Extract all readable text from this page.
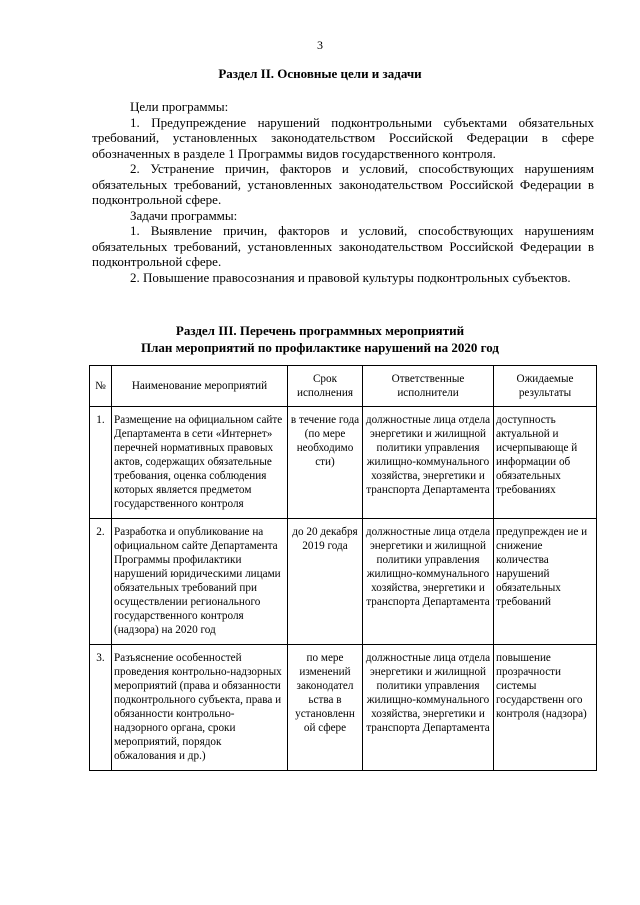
3
Раздел II. Основные цели и задачи

Цели программы:

1. Предупреждение нарушений подконтрольными субъектами обязательных требований, установленных законодательством Российской Федерации в сфере обозначенных в разделе 1 Программы видов государственного контроля.

2. Устранение причин, факторов и условий, способствующих нарушениям обязательных требований, установленных законодательством Российской Федерации в подконтрольной сфере.

Задачи программы:

1. Выявление причин, факторов и условий, способствующих нарушениям обязательных требований, установленных законодательством Российской Федерации в подконтрольной сфере.

2. Повышение правосознания и правовой культуры подконтрольных субъектов.

Раздел III. Перечень программных мероприятий
План мероприятий по профилактике нарушений на 2020 год
№	Наименование мероприятий	Срок исполнения	Ответственные исполнители	Ожидаемые результаты
1.	Размещение на официальном сайте Департамента в сети «Интернет» перечней нормативных правовых актов, содержащих обязательные требования, оценка соблюдения которых является предметом государственного контроля	в течение года (по мере необходимо сти)	должностные лица отдела энергетики и жилищной политики управления жилищно-коммунального хозяйства, энергетики и транспорта Департамента	доступность актуальной и исчерпывающе й информации об обязательных требованиях
2.	Разработка и опубликование на официальном сайте Департамента Программы профилактики нарушений юридическими лицами обязательных требований при осуществлении регионального государственного контроля (надзора) на 2020 год	до 20 декабря 2019 года	должностные лица отдела энергетики и жилищной политики управления жилищно-коммунального хозяйства, энергетики и транспорта Департамента	предупрежден ие и снижение количества нарушений обязательных требований
3.	Разъяснение особенностей проведения контрольно-надзорных мероприятий (права и обязанности подконтрольного субъекта, права и обязанности контрольно-надзорного органа, сроки мероприятий, порядок обжалования и др.)	по мере изменений законодател ьства в установленн ой сфере	должностные лица отдела энергетики и жилищной политики управления жилищно-коммунального хозяйства, энергетики и транспорта Департамента	повышение прозрачности системы государственн ого контроля (надзора)
